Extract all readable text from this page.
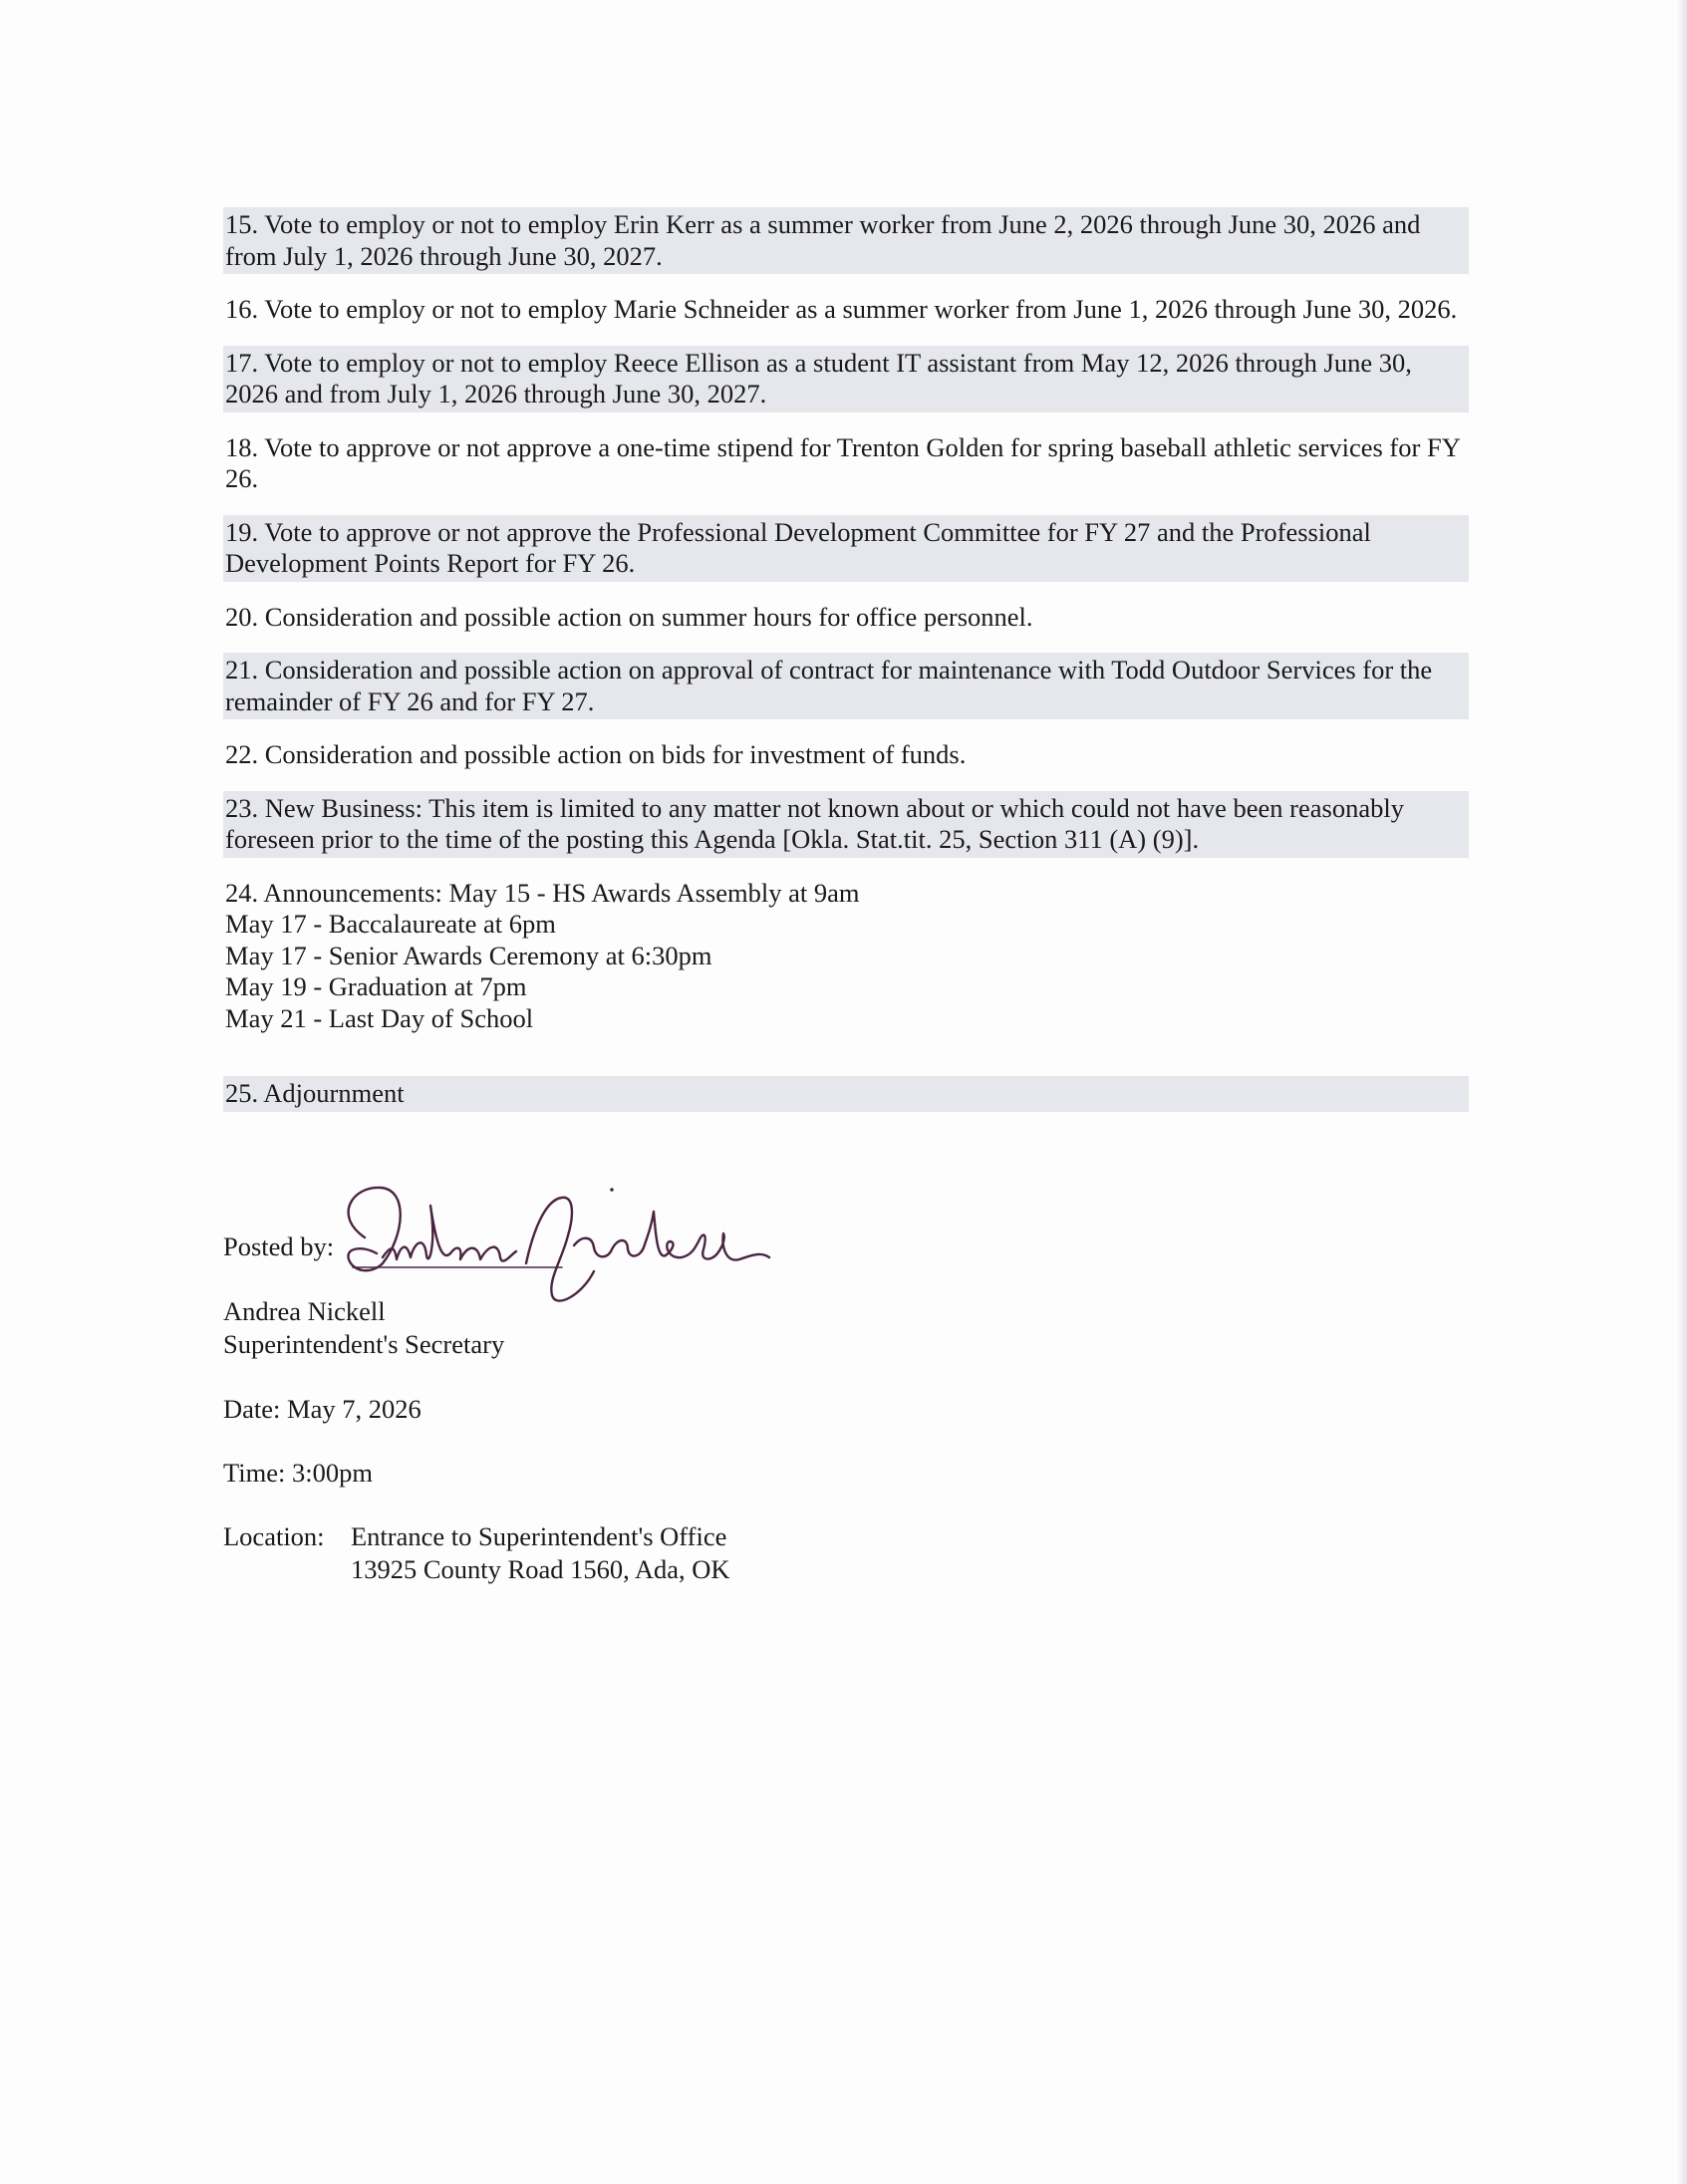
15. Vote to employ or not to employ Erin Kerr as a summer worker from June 2, 2026 through June 30, 2026 and from July 1, 2026 through June 30, 2027.
16. Vote to employ or not to employ Marie Schneider as a summer worker from June 1, 2026 through June 30, 2026.
17. Vote to employ or not to employ Reece Ellison as a student IT assistant from May 12, 2026 through June 30, 2026 and from July 1, 2026 through June 30, 2027.
18. Vote to approve or not approve a one-time stipend for Trenton Golden for spring baseball athletic services for FY 26.
19. Vote to approve or not approve the Professional Development Committee for FY 27 and the Professional Development Points Report for FY 26.
20. Consideration and possible action on summer hours for office personnel.
21. Consideration and possible action on approval of contract for maintenance with Todd Outdoor Services for the remainder of FY 26 and for FY 27.
22. Consideration and possible action on bids for investment of funds.
23. New Business: This item is limited to any matter not known about or which could not have been reasonably foreseen prior to the time of the posting this Agenda [Okla. Stat.tit. 25, Section 311 (A) (9)].
24. Announcements: May 15 - HS Awards Assembly at 9am
May 17 - Baccalaureate at 6pm
May 17 - Senior Awards Ceremony at 6:30pm
May 19 - Graduation at 7pm
May 21 - Last Day of School
25. Adjournment
Posted by:
Andrea Nickell
Superintendent's Secretary
Date: May 7, 2026
Time: 3:00pm
Location: Entrance to Superintendent's Office
13925 County Road 1560, Ada, OK
